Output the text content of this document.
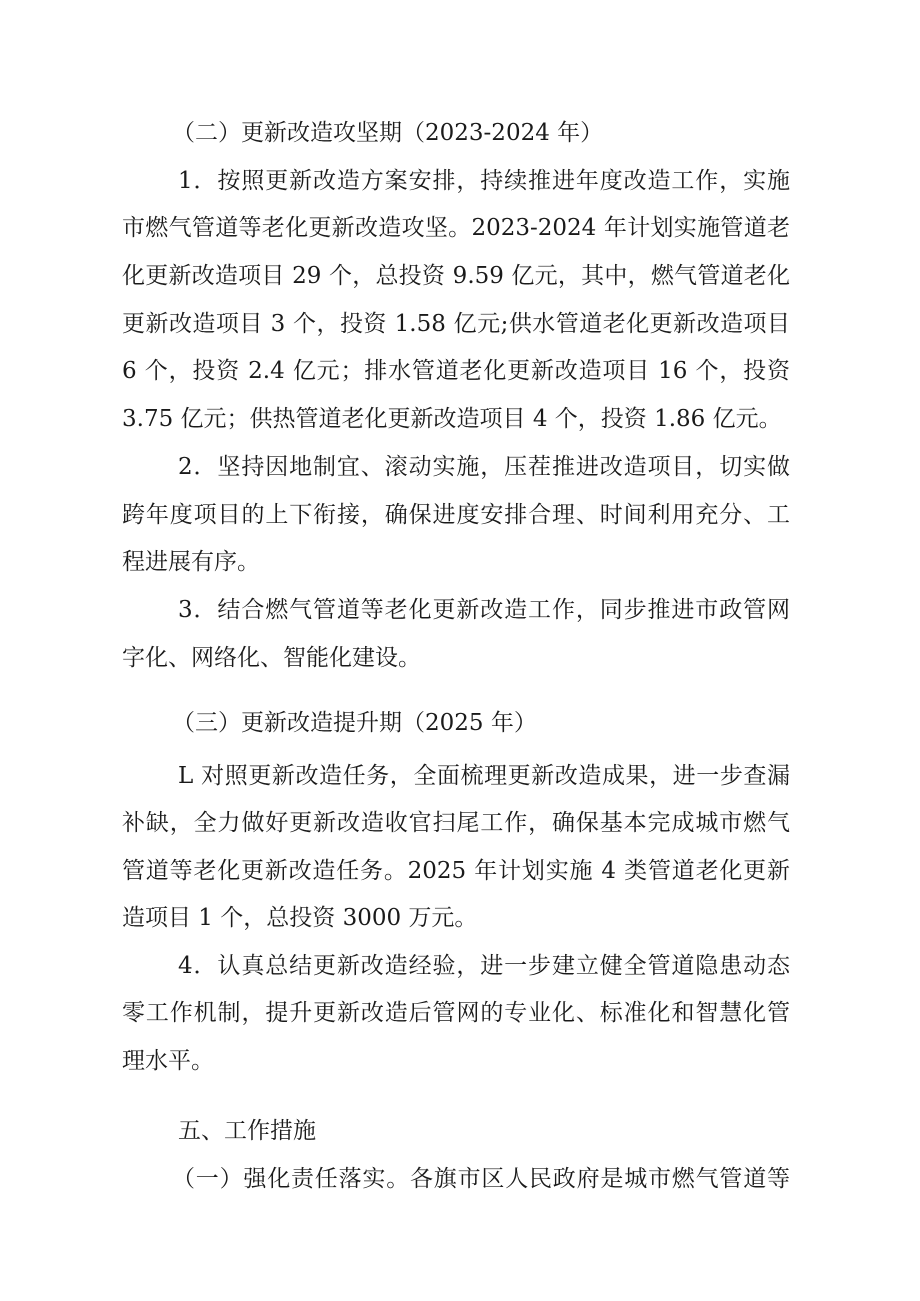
（二）更新改造攻坚期（2023-2024 年）
1．按照更新改造方案安排，持续推进年度改造工作，实施
市燃气管道等老化更新改造攻坚。2023-2024 年计划实施管道老
化更新改造项目 29 个，总投资 9.59 亿元，其中，燃气管道老化
更新改造项目 3 个，投资 1.58 亿元;供水管道老化更新改造项目
6 个，投资 2.4 亿元；排水管道老化更新改造项目 16 个，投资
3.75 亿元；供热管道老化更新改造项目 4 个，投资 1.86 亿元。
2．坚持因地制宜、滚动实施，压茬推进改造项目，切实做
跨年度项目的上下衔接，确保进度安排合理、时间利用充分、工
程进展有序。
3．结合燃气管道等老化更新改造工作，同步推进市政管网
字化、网络化、智能化建设。
（三）更新改造提升期（2025 年）
L 对照更新改造任务，全面梳理更新改造成果，进一步查漏
补缺，全力做好更新改造收官扫尾工作，确保基本完成城市燃气
管道等老化更新改造任务。2025 年计划实施 4 类管道老化更新
造项目 1 个，总投资 3000 万元。
4．认真总结更新改造经验，进一步建立健全管道隐患动态
零工作机制，提升更新改造后管网的专业化、标准化和智慧化管
理水平。
五、工作措施
（一）强化责任落实。各旗市区人民政府是城市燃气管道等
